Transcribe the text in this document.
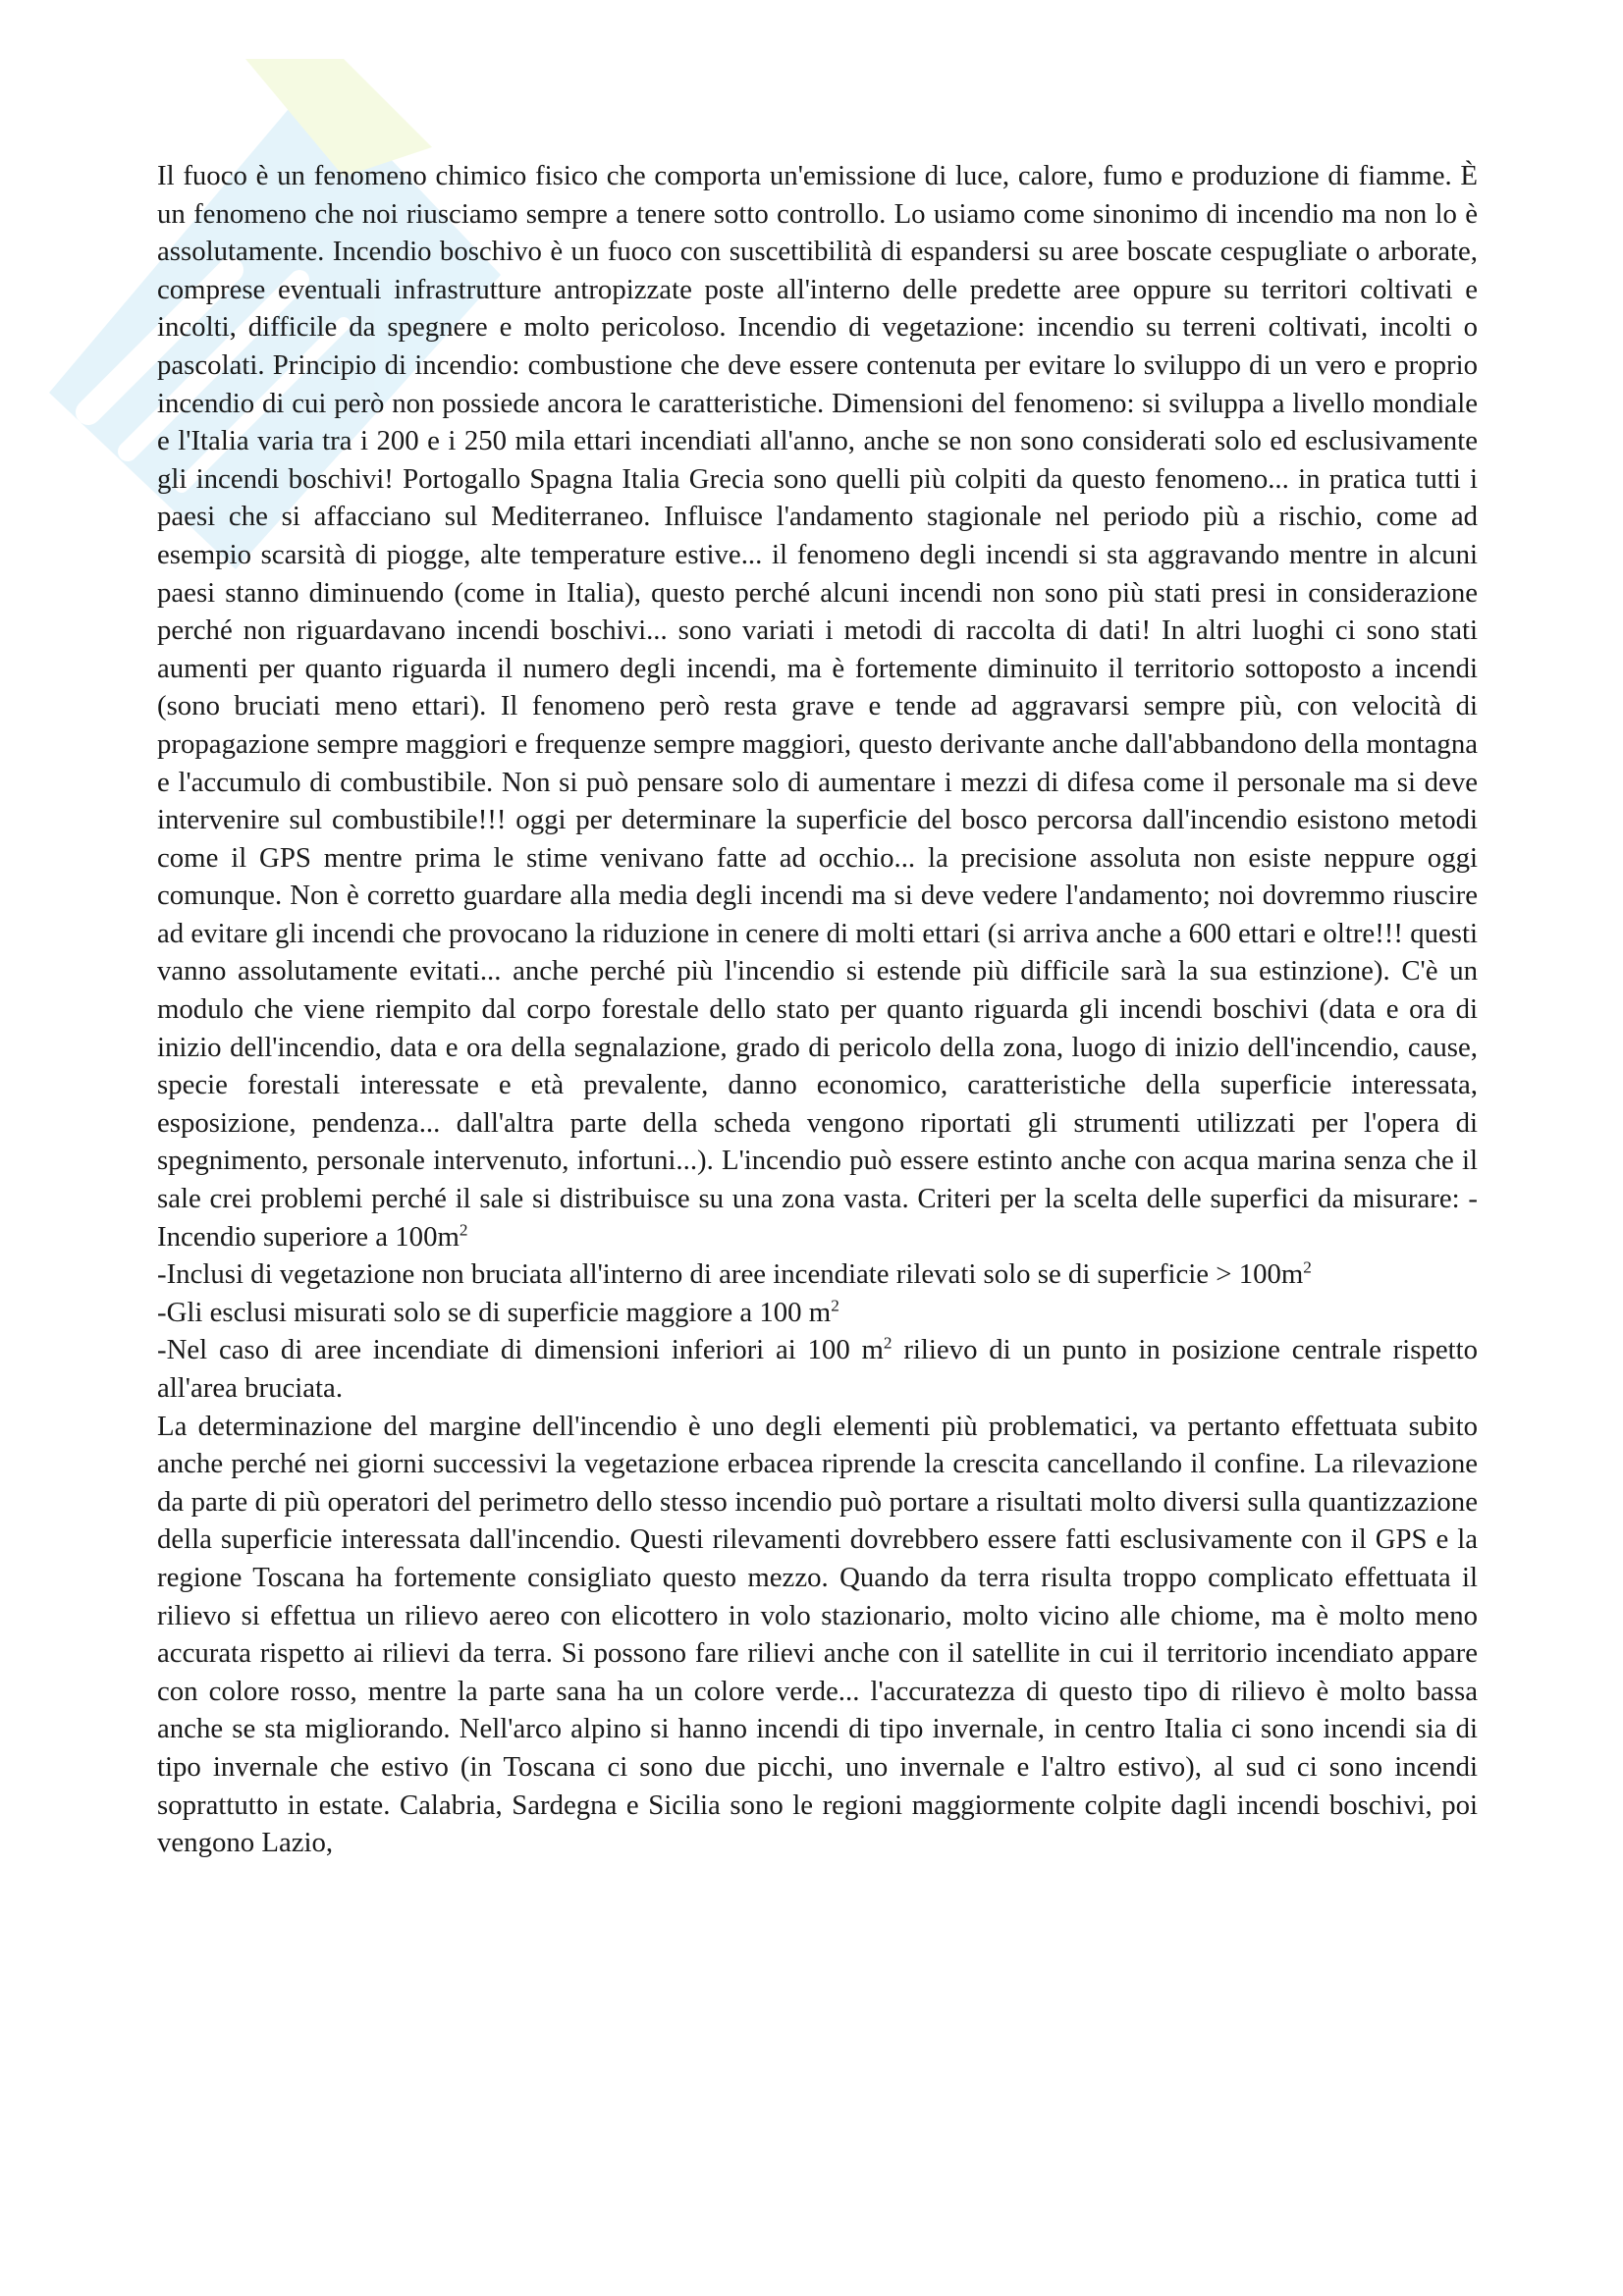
Il fuoco è un fenomeno chimico fisico che comporta un'emissione di luce, calore, fumo e produzione di fiamme. È un fenomeno che noi riusciamo sempre a tenere sotto controllo. Lo usiamo come sinonimo di incendio ma non lo è assolutamente. Incendio boschivo è un fuoco con suscettibilità di espandersi su aree boscate cespugliate o arborate, comprese eventuali infrastrutture antropizzate poste all'interno delle predette aree oppure su territori coltivati e incolti, difficile da spegnere e molto pericoloso. Incendio di vegetazione: incendio su terreni coltivati, incolti o pascolati. Principio di incendio: combustione che deve essere contenuta per evitare lo sviluppo di un vero e proprio incendio di cui però non possiede ancora le caratteristiche. Dimensioni del fenomeno: si sviluppa a livello mondiale e l'Italia varia tra i 200 e i 250 mila ettari incendiati all'anno, anche se non sono considerati solo ed esclusivamente gli incendi boschivi! Portogallo Spagna Italia Grecia sono quelli più colpiti da questo fenomeno... in pratica tutti i paesi che si affacciano sul Mediterraneo. Influisce l'andamento stagionale nel periodo più a rischio, come ad esempio scarsità di piogge, alte temperature estive... il fenomeno degli incendi si sta aggravando mentre in alcuni paesi stanno diminuendo (come in Italia), questo perché alcuni incendi non sono più stati presi in considerazione perché non riguardavano incendi boschivi... sono variati i metodi di raccolta di dati! In altri luoghi ci sono stati aumenti per quanto riguarda il numero degli incendi, ma è fortemente diminuito il territorio sottoposto a incendi (sono bruciati meno ettari). Il fenomeno però resta grave e tende ad aggravarsi sempre più, con velocità di propagazione sempre maggiori e frequenze sempre maggiori, questo derivante anche dall'abbandono della montagna e l'accumulo di combustibile. Non si può pensare solo di aumentare i mezzi di difesa come il personale ma si deve intervenire sul combustibile!!! oggi per determinare la superficie del bosco percorsa dall'incendio esistono metodi come il GPS mentre prima le stime venivano fatte ad occhio... la precisione assoluta non esiste neppure oggi comunque. Non è corretto guardare alla media degli incendi ma si deve vedere l'andamento; noi dovremmo riuscire ad evitare gli incendi che provocano la riduzione in cenere di molti ettari (si arriva anche a 600 ettari e oltre!!! questi vanno assolutamente evitati... anche perché più l'incendio si estende più difficile sarà la sua estinzione). C'è un modulo che viene riempito dal corpo forestale dello stato per quanto riguarda gli incendi boschivi (data e ora di inizio dell'incendio, data e ora della segnalazione, grado di pericolo della zona, luogo di inizio dell'incendio, cause, specie forestali interessate e età prevalente, danno economico, caratteristiche della superficie interessata, esposizione, pendenza... dall'altra parte della scheda vengono riportati gli strumenti utilizzati per l'opera di spegnimento, personale intervenuto, infortuni...). L'incendio può essere estinto anche con acqua marina senza che il sale crei problemi perché il sale si distribuisce su una zona vasta. Criteri per la scelta delle superfici da misurare: -Incendio superiore a $100m^2$

-Inclusi di vegetazione non bruciata all'interno di aree incendiate rilevati solo se di superficie > $100m^2$

-Gli esclusi misurati solo se di superficie maggiore a 100 $m^2$

-Nel caso di aree incendiate di dimensioni inferiori ai 100 $m^2$ rilievo di un punto in posizione centrale rispetto all'area bruciata.

La determinazione del margine dell'incendio è uno degli elementi più problematici, va pertanto effettuata subito anche perché nei giorni successivi la vegetazione erbacea riprende la crescita cancellando il confine. La rilevazione da parte di più operatori del perimetro dello stesso incendio può portare a risultati molto diversi sulla quantizzazione della superficie interessata dall'incendio. Questi rilevamenti dovrebbero essere fatti esclusivamente con il GPS e la regione Toscana ha fortemente consigliato questo mezzo. Quando da terra risulta troppo complicato effettuata il rilievo si effettua un rilievo aereo con elicottero in volo stazionario, molto vicino alle chiome, ma è molto meno accurata rispetto ai rilievi da terra. Si possono fare rilievi anche con il satellite in cui il territorio incendiato appare con colore rosso, mentre la parte sana ha un colore verde... l'accuratezza di questo tipo di rilievo è molto bassa anche se sta migliorando. Nell'arco alpino si hanno incendi di tipo invernale, in centro Italia ci sono incendi sia di tipo invernale che estivo (in Toscana ci sono due picchi, uno invernale e l'altro estivo), al sud ci sono incendi soprattutto in estate. Calabria, Sardegna e Sicilia sono le regioni maggiormente colpite dagli incendi boschivi, poi vengono Lazio,
